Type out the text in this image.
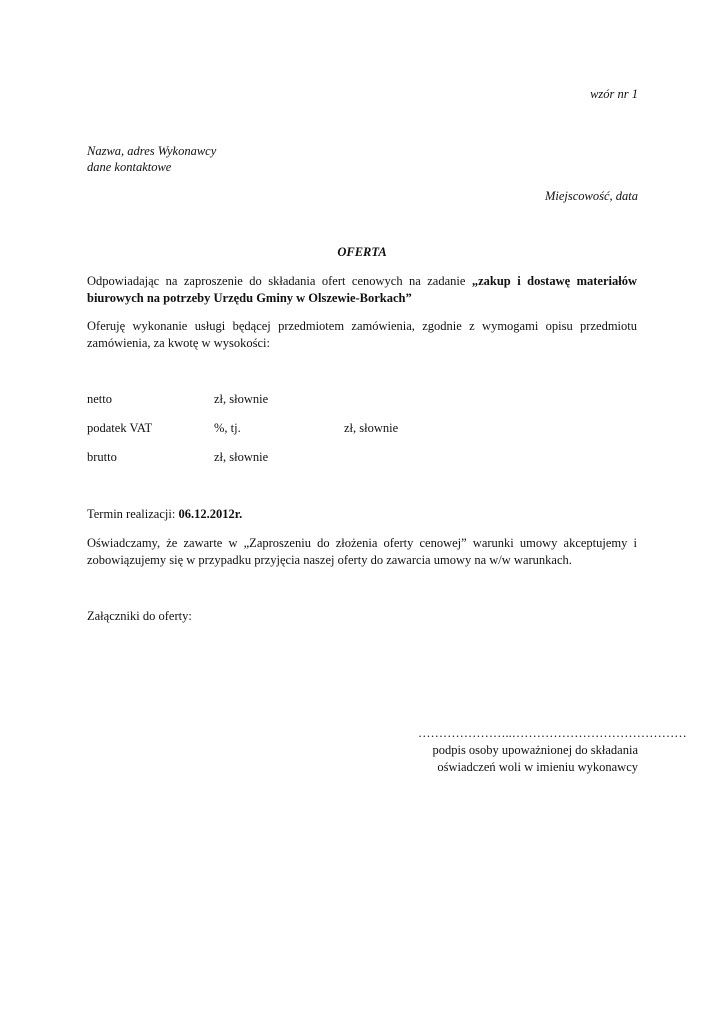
wzór nr 1
Nazwa, adres Wykonawcy
dane kontaktowe
Miejscowość, data
OFERTA
Odpowiadając na zaproszenie do składania ofert cenowych na zadanie „zakup i dostawę materiałów biurowych na potrzeby Urzędu Gminy w Olszewie-Borkach”
Oferuję wykonanie usługi będącej przedmiotem zamówienia, zgodnie z wymogami opisu przedmiotu zamówienia, za kwotę w wysokości:
netto	zł, słownie
podatek VAT	%, tj.	zł, słownie
brutto	zł, słownie
Termin realizacji: 06.12.2012r.
Oświadczamy, że zawarte w „Zaproszeniu do złożenia oferty cenowej” warunki umowy akceptujemy i zobowiązujemy się w przypadku przyjęcia naszej oferty do zawarcia umowy na w/w warunkach.
Załączniki do oferty:
…………………..……………………………………
podpis osoby upoważnionej do składania
oświadczeń woli w imieniu wykonawcy
